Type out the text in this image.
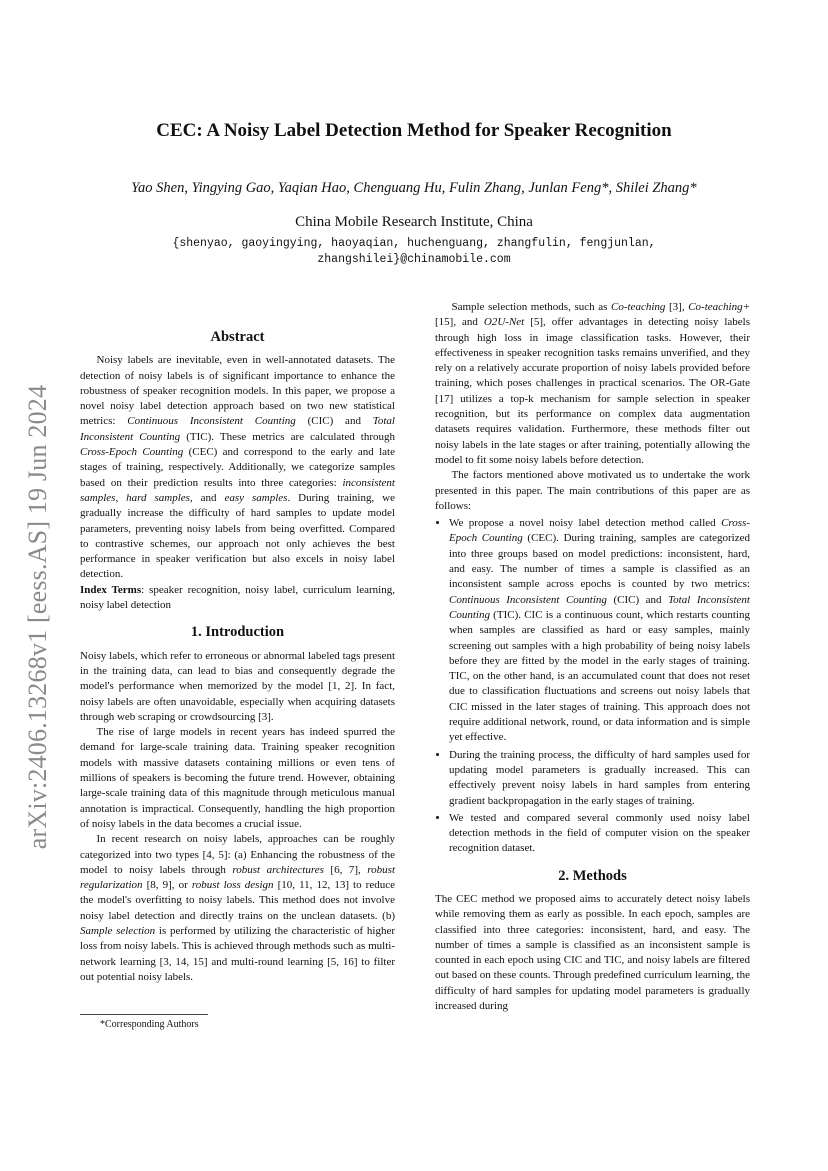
arXiv:2406.13268v1 [eess.AS] 19 Jun 2024
CEC: A Noisy Label Detection Method for Speaker Recognition
Yao Shen, Yingying Gao, Yaqian Hao, Chenguang Hu, Fulin Zhang, Junlan Feng*, Shilei Zhang*
China Mobile Research Institute, China
{shenyao, gaoyingying, haoyaqian, huchenguang, zhangfulin, fengjunlan,
zhangshilei}@chinamobile.com
Abstract

Noisy labels are inevitable, even in well-annotated datasets. The detection of noisy labels is of significant importance to enhance the robustness of speaker recognition models. In this paper, we propose a novel noisy label detection approach based on two new statistical metrics: Continuous Inconsistent Counting (CIC) and Total Inconsistent Counting (TIC). These metrics are calculated through Cross-Epoch Counting (CEC) and correspond to the early and late stages of training, respectively. Additionally, we categorize samples based on their prediction results into three categories: inconsistent samples, hard samples, and easy samples. During training, we gradually increase the difficulty of hard samples to update model parameters, preventing noisy labels from being overfitted. Compared to contrastive schemes, our approach not only achieves the best performance in speaker verification but also excels in noisy label detection.

Index Terms: speaker recognition, noisy label, curriculum learning, noisy label detection

1. Introduction

Noisy labels, which refer to erroneous or abnormal labeled tags present in the training data, can lead to bias and consequently degrade the model's performance when memorized by the model [1, 2]. In fact, noisy labels are often unavoidable, especially when acquiring datasets through web scraping or crowdsourcing [3].

The rise of large models in recent years has indeed spurred the demand for large-scale training data. Training speaker recognition models with massive datasets containing millions or even tens of millions of speakers is becoming the future trend. However, obtaining large-scale training data of this magnitude through meticulous manual annotation is impractical. Consequently, handling the high proportion of noisy labels in the data becomes a crucial issue.

In recent research on noisy labels, approaches can be roughly categorized into two types [4, 5]: (a) Enhancing the robustness of the model to noisy labels through robust architectures [6, 7], robust regularization [8, 9], or robust loss design [10, 11, 12, 13] to reduce the model's overfitting to noisy labels. This method does not involve noisy label detection and directly trains on the unclean datasets. (b) Sample selection is performed by utilizing the characteristic of higher loss from noisy labels. This is achieved through methods such as multi-network learning [3, 14, 15] and multi-round learning [5, 16] to filter out potential noisy labels.

*Corresponding Authors

Sample selection methods, such as Co-teaching [3], Co-teaching+ [15], and O2U-Net [5], offer advantages in detecting noisy labels through high loss in image classification tasks. However, their effectiveness in speaker recognition tasks remains unverified, and they rely on a relatively accurate proportion of noisy labels provided before training, which poses challenges in practical scenarios. The OR-Gate [17] utilizes a top-k mechanism for sample selection in speaker recognition, but its performance on complex data augmentation datasets requires validation. Furthermore, these methods filter out noisy labels in the late stages or after training, potentially allowing the model to fit some noisy labels before detection.

The factors mentioned above motivated us to undertake the work presented in this paper. The main contributions of this paper are as follows:

• We propose a novel noisy label detection method called Cross-Epoch Counting (CEC). During training, samples are categorized into three groups based on model predictions: inconsistent, hard, and easy. The number of times a sample is classified as an inconsistent sample across epochs is counted by two metrics: Continuous Inconsistent Counting (CIC) and Total Inconsistent Counting (TIC). CIC is a continuous count, which restarts counting when samples are classified as hard or easy samples, mainly screening out samples with a high probability of being noisy labels before they are fitted by the model in the early stages of training. TIC, on the other hand, is an accumulated count that does not reset due to classification fluctuations and screens out noisy labels that CIC missed in the later stages of training. This approach does not require additional network, round, or data information and is simple yet effective.
• During the training process, the difficulty of hard samples used for updating model parameters is gradually increased. This can effectively prevent noisy labels in hard samples from entering gradient backpropagation in the early stages of training.
• We tested and compared several commonly used noisy label detection methods in the field of computer vision on the speaker recognition dataset.
2. Methods

The CEC method we proposed aims to accurately detect noisy labels while removing them as early as possible. In each epoch, samples are classified into three categories: inconsistent, hard, and easy. The number of times a sample is classified as an inconsistent sample is counted in each epoch using CIC and TIC, and noisy labels are filtered out based on these counts. Through predefined curriculum learning, the difficulty of hard samples for updating model parameters is gradually increased during
